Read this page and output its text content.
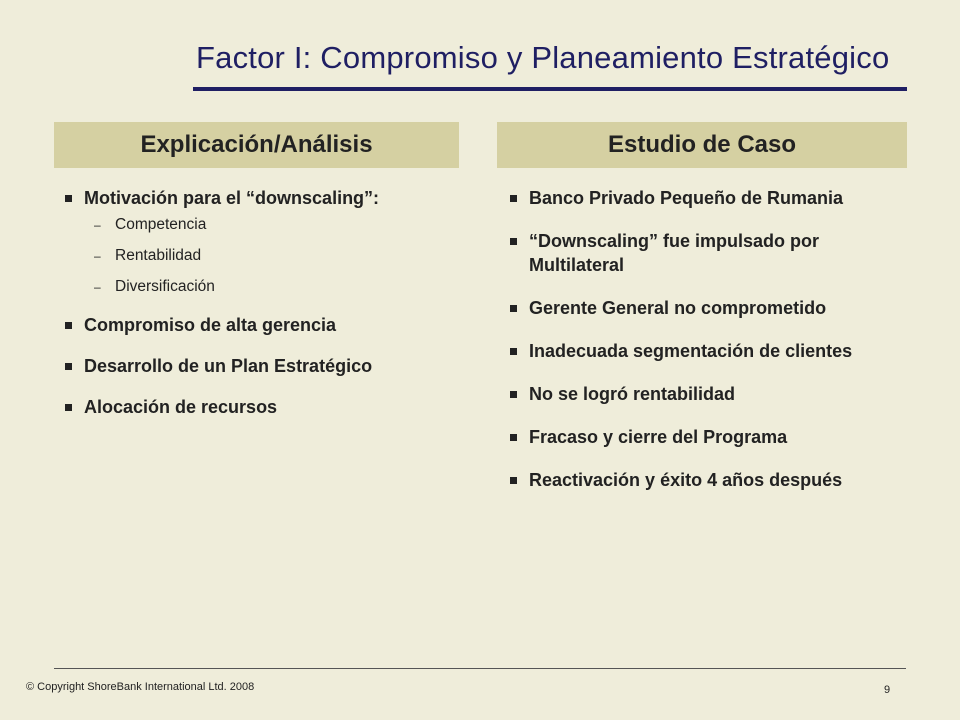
Factor I: Compromiso y Planeamiento Estratégico
Explicación/Análisis	Estudio de Caso
Motivación para el “downscaling”:
– Competencia
– Rentabilidad
– Diversificación
Compromiso de alta gerencia
Desarrollo de un Plan Estratégico
Alocación de recursos
Banco Privado Pequeño de Rumania
“Downscaling” fue impulsado por Multilateral
Gerente General no comprometido
Inadecuada segmentación de clientes
No se logró rentabilidad
Fracaso y cierre del Programa
Reactivación y éxito 4 años después
© Copyright ShoreBank International Ltd. 2008	9
